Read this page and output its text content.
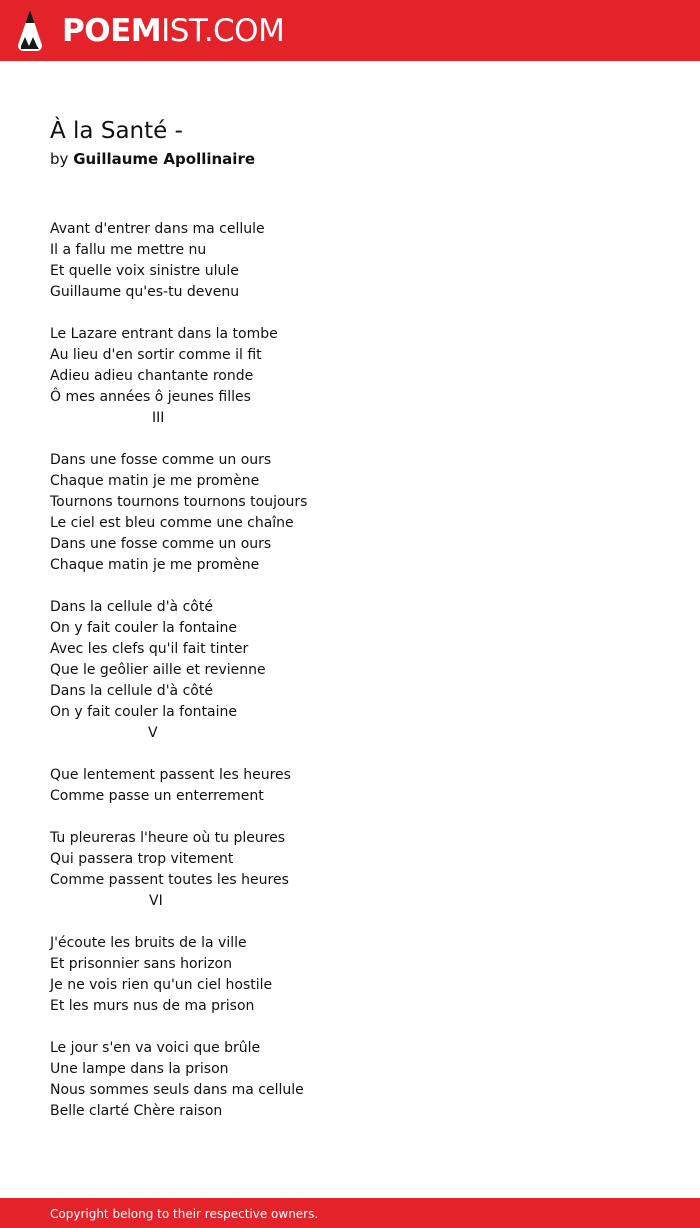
POEMIST.COM
À la Santé -
by Guillaume Apollinaire
Avant d'entrer dans ma cellule
Il a fallu me mettre nu
Et quelle voix sinistre ulule
Guillaume qu'es-tu devenu
Le Lazare entrant dans la tombe
Au lieu d'en sortir comme il fit
Adieu adieu chantante ronde
Ô mes années ô jeunes filles
III
Dans une fosse comme un ours
Chaque matin je me promène
Tournons tournons tournons toujours
Le ciel est bleu comme une chaîne
Dans une fosse comme un ours
Chaque matin je me promène
Dans la cellule d'à côté
On y fait couler la fontaine
Avec les clefs qu'il fait tinter
Que le geôlier aille et revienne
Dans la cellule d'à côté
On y fait couler la fontaine
V
Que lentement passent les heures
Comme passe un enterrement
Tu pleureras l'heure où tu pleures
Qui passera trop vitement
Comme passent toutes les heures
VI
J'écoute les bruits de la ville
Et prisonnier sans horizon
Je ne vois rien qu'un ciel hostile
Et les murs nus de ma prison
Le jour s'en va voici que brûle
Une lampe dans la prison
Nous sommes seuls dans ma cellule
Belle clarté Chère raison
Copyright belong to their respective owners.
